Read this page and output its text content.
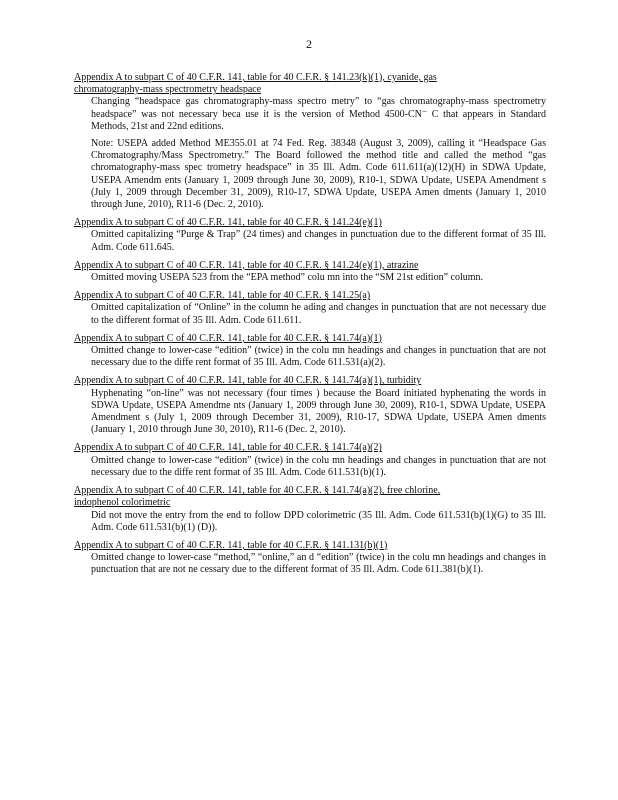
2
Appendix A to subpart C of 40 C.F.R. 141, table for 40 C.F.R. § 141.23(k)(1), cyanide, gas
chromatography-mass spectrometry headspace
Changing “headspace gas chromatography-mass spectro metry” to “gas chromatography-mass spectrometry headspace” was not necessary beca use it is the version of Method 4500-CN⁻ C that appears in Standard Methods, 21st and 22nd editions.
Note: USEPA added Method ME355.01 at 74 Fed. Reg. 38348 (August 3, 2009), calling it “Headspace Gas Chromatography/Mass Spectrometry.” The Board followed the method title and called the method “gas chromatography-mass spec trometry headspace” in 35 Ill. Adm. Code 611.611(a)(12)(H) in SDWA Update, USEPA Amendm ents (January 1, 2009 through June 30, 2009), R10-1, SDWA Update, USEPA Amendment s (July 1, 2009 through December 31, 2009), R10-17, SDWA Update, USEPA Amen dments (January 1, 2010 through June, 2010), R11-6 (Dec. 2, 2010).
Appendix A to subpart C of 40 C.F.R. 141, table for 40 C.F.R. § 141.24(e)(1)
Omitted capitalizing “Purge & Trap” (24 times) and changes in punctuation due to the different format of 35 Ill. Adm. Code 611.645.
Appendix A to subpart C of 40 C.F.R. 141, table for 40 C.F.R. § 141.24(e)(1), atrazine
Omitted moving USEPA 523 from the “EPA method” colu mn into the “SM 21st edition” column.
Appendix A to subpart C of 40 C.F.R. 141, table for 40 C.F.R. § 141.25(a)
Omitted capitalization of “Online” in the column he ading and changes in punctuation that are not necessary due to the different format of 35 Ill. Adm. Code 611.611.
Appendix A to subpart C of 40 C.F.R. 141, table for 40 C.F.R. § 141.74(a)(1)
Omitted change to lower-case “edition” (twice) in the colu mn headings and changes in punctuation that are not necessary due to the diffe rent format of 35 Ill. Adm. Code 611.531(a)(2).
Appendix A to subpart C of 40 C.F.R. 141, table for 40 C.F.R. § 141.74(a)(1), turbidity
Hyphenating “on-line” was not necessary (four times ) because the Board initiated hyphenating the words in SDWA Update, USEPA Amendme nts (January 1, 2009 through June 30, 2009), R10-1, SDWA Update, USEPA Amendment s (July 1, 2009 through December 31, 2009), R10-17, SDWA Update, USEPA Amen dments (January 1, 2010 through June 30, 2010), R11-6 (Dec. 2, 2010).
Appendix A to subpart C of 40 C.F.R. 141, table for 40 C.F.R. § 141.74(a)(2)
Omitted change to lower-case “edition” (twice) in the colu mn headings and changes in punctuation that are not necessary due to the diffe rent format of 35 Ill. Adm. Code 611.531(b)(1).
Appendix A to subpart C of 40 C.F.R. 141, table for 40 C.F.R. § 141.74(a)(2), free chlorine,
indophenol colorimetric
Did not move the entry from the end to follow DPD colorimetric (35 Ill. Adm. Code 611.531(b)(1)(G) to 35 Ill. Adm. Code 611.531(b)(1) (D)).
Appendix A to subpart C of 40 C.F.R. 141, table for 40 C.F.R. § 141.131(b)(1)
Omitted change to lower-case “method,” “online,” an d “edition” (twice) in the colu mn headings and changes in punctuation that are not ne cessary due to the different format of 35 Ill. Adm. Code 611.381(b)(1).
